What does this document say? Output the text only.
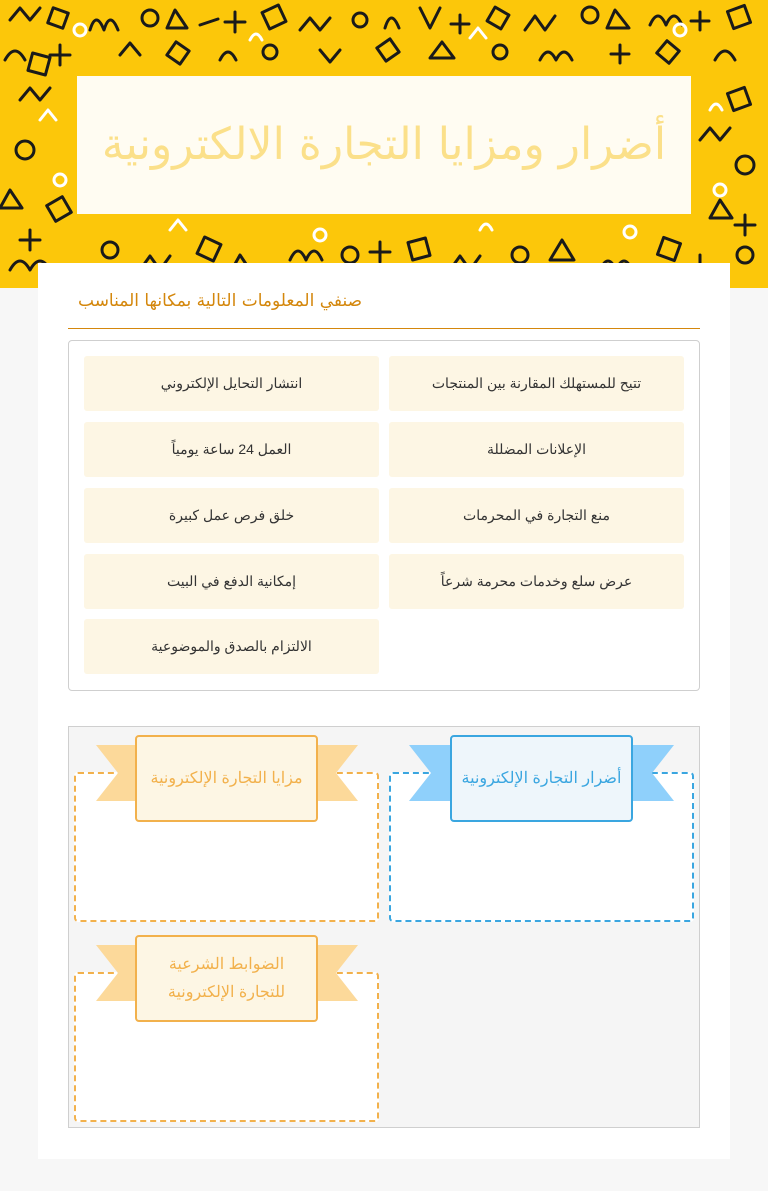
أضرار ومزايا التجارة الالكترونية
صنفي المعلومات التالية بمكانها المناسب
تتيح للمستهلك المقارنة بين المنتجات
انتشار التحايل الإلكتروني
الإعلانات المضللة
العمل 24 ساعة يومياً
منع التجارة في المحرمات
خلق فرص عمل كبيرة
عرض سلع وخدمات محرمة شرعاً
إمكانية الدفع في البيت
الالتزام بالصدق والموضوعية
أضرار التجارة الإلكترونية
مزايا التجارة الإلكترونية
الضوابط الشرعية للتجارة الإلكترونية
